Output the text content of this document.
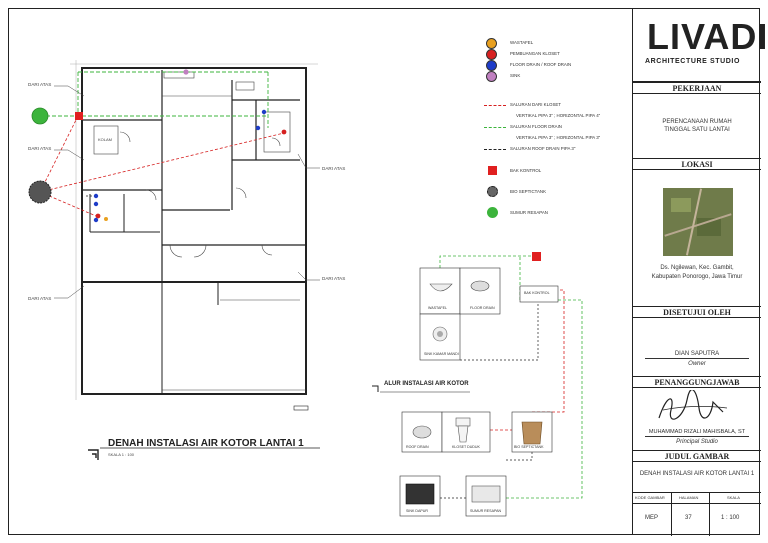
DARI ATAS
DARI ATAS
DARI ATAS
DARI ATAS
DARI ATAS
KOLAM
DENAH INSTALASI AIR KOTOR LANTAI 1
SKALA 1 : 100
WASTAFEL
PEMBUANGAN KLOSET
FLOOR DRAIN / ROOF DRAIN
SINK
SALURAN DARI KLOSET
VERTIKAL PIPA 3" ; HORIZONTAL PIPA 4"
SALURAN FLOOR DRAIN
VERTIKAL PIPA 3" ; HORIZONTAL PIPA 3"
SALURAN ROOF DRAIN PIPA 3"
BAK KONTROL
BIO SEPTICTANK
SUMUR RESAPAN
ALUR INSTALASI AIR KOTOR
WASTAFEL	FLOOR DRAIN
SINK KAMAR MANDI
BAK KONTROL
ROOF DRAIN	KLOSET DUDUK	BIO SEPTICTANK
SINK DAPUR	SUMUR RESAPAN
LIVADI
ARCHITECTURE STUDIO
PEKERJAAN
PERENCANAAN RUMAH TINGGAL SATU LANTAI
LOKASI
Ds. Ngilewan, Kec. Gambit,
Kabupaten Ponorogo, Jawa Timur
DISETUJUI OLEH
DIAN SAPUTRA
Owner
PENANGGUNGJAWAB
MUHAMMAD RIZALI MAHISBALA, ST
Principal Studio
JUDUL GAMBAR
DENAH INSTALASI AIR KOTOR LANTAI 1
KODE GAMBAR	HALAMAN	SKALA
MEP	37	1 : 100
